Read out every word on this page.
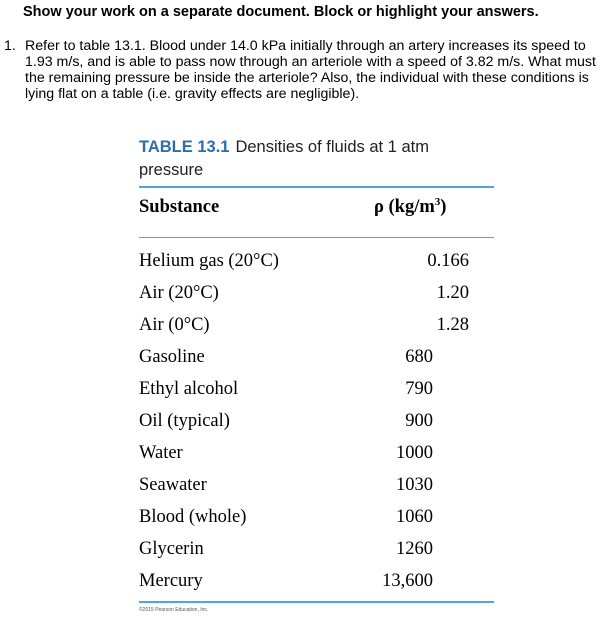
Show your work on a separate document. Block or highlight your answers.
1. Refer to table 13.1. Blood under 14.0 kPa initially through an artery increases its speed to 1.93 m/s, and is able to pass now through an arteriole with a speed of 3.82 m/s. What must the remaining pressure be inside the arteriole? Also, the individual with these conditions is lying flat on a table (i.e. gravity effects are negligible).
TABLE 13.1 Densities of fluids at 1 atm pressure
Substance	ρ $(kg/m^3)$
Helium gas (20°C)	0.166
Air (20°C)	1.20
Air (0°C)	1.28
Gasoline	680
Ethyl alcohol	790
Oil (typical)	900
Water	1000
Seawater	1030
Blood (whole)	1060
Glycerin	1260
Mercury	13,600
©2015 Pearson Education, Inc.
